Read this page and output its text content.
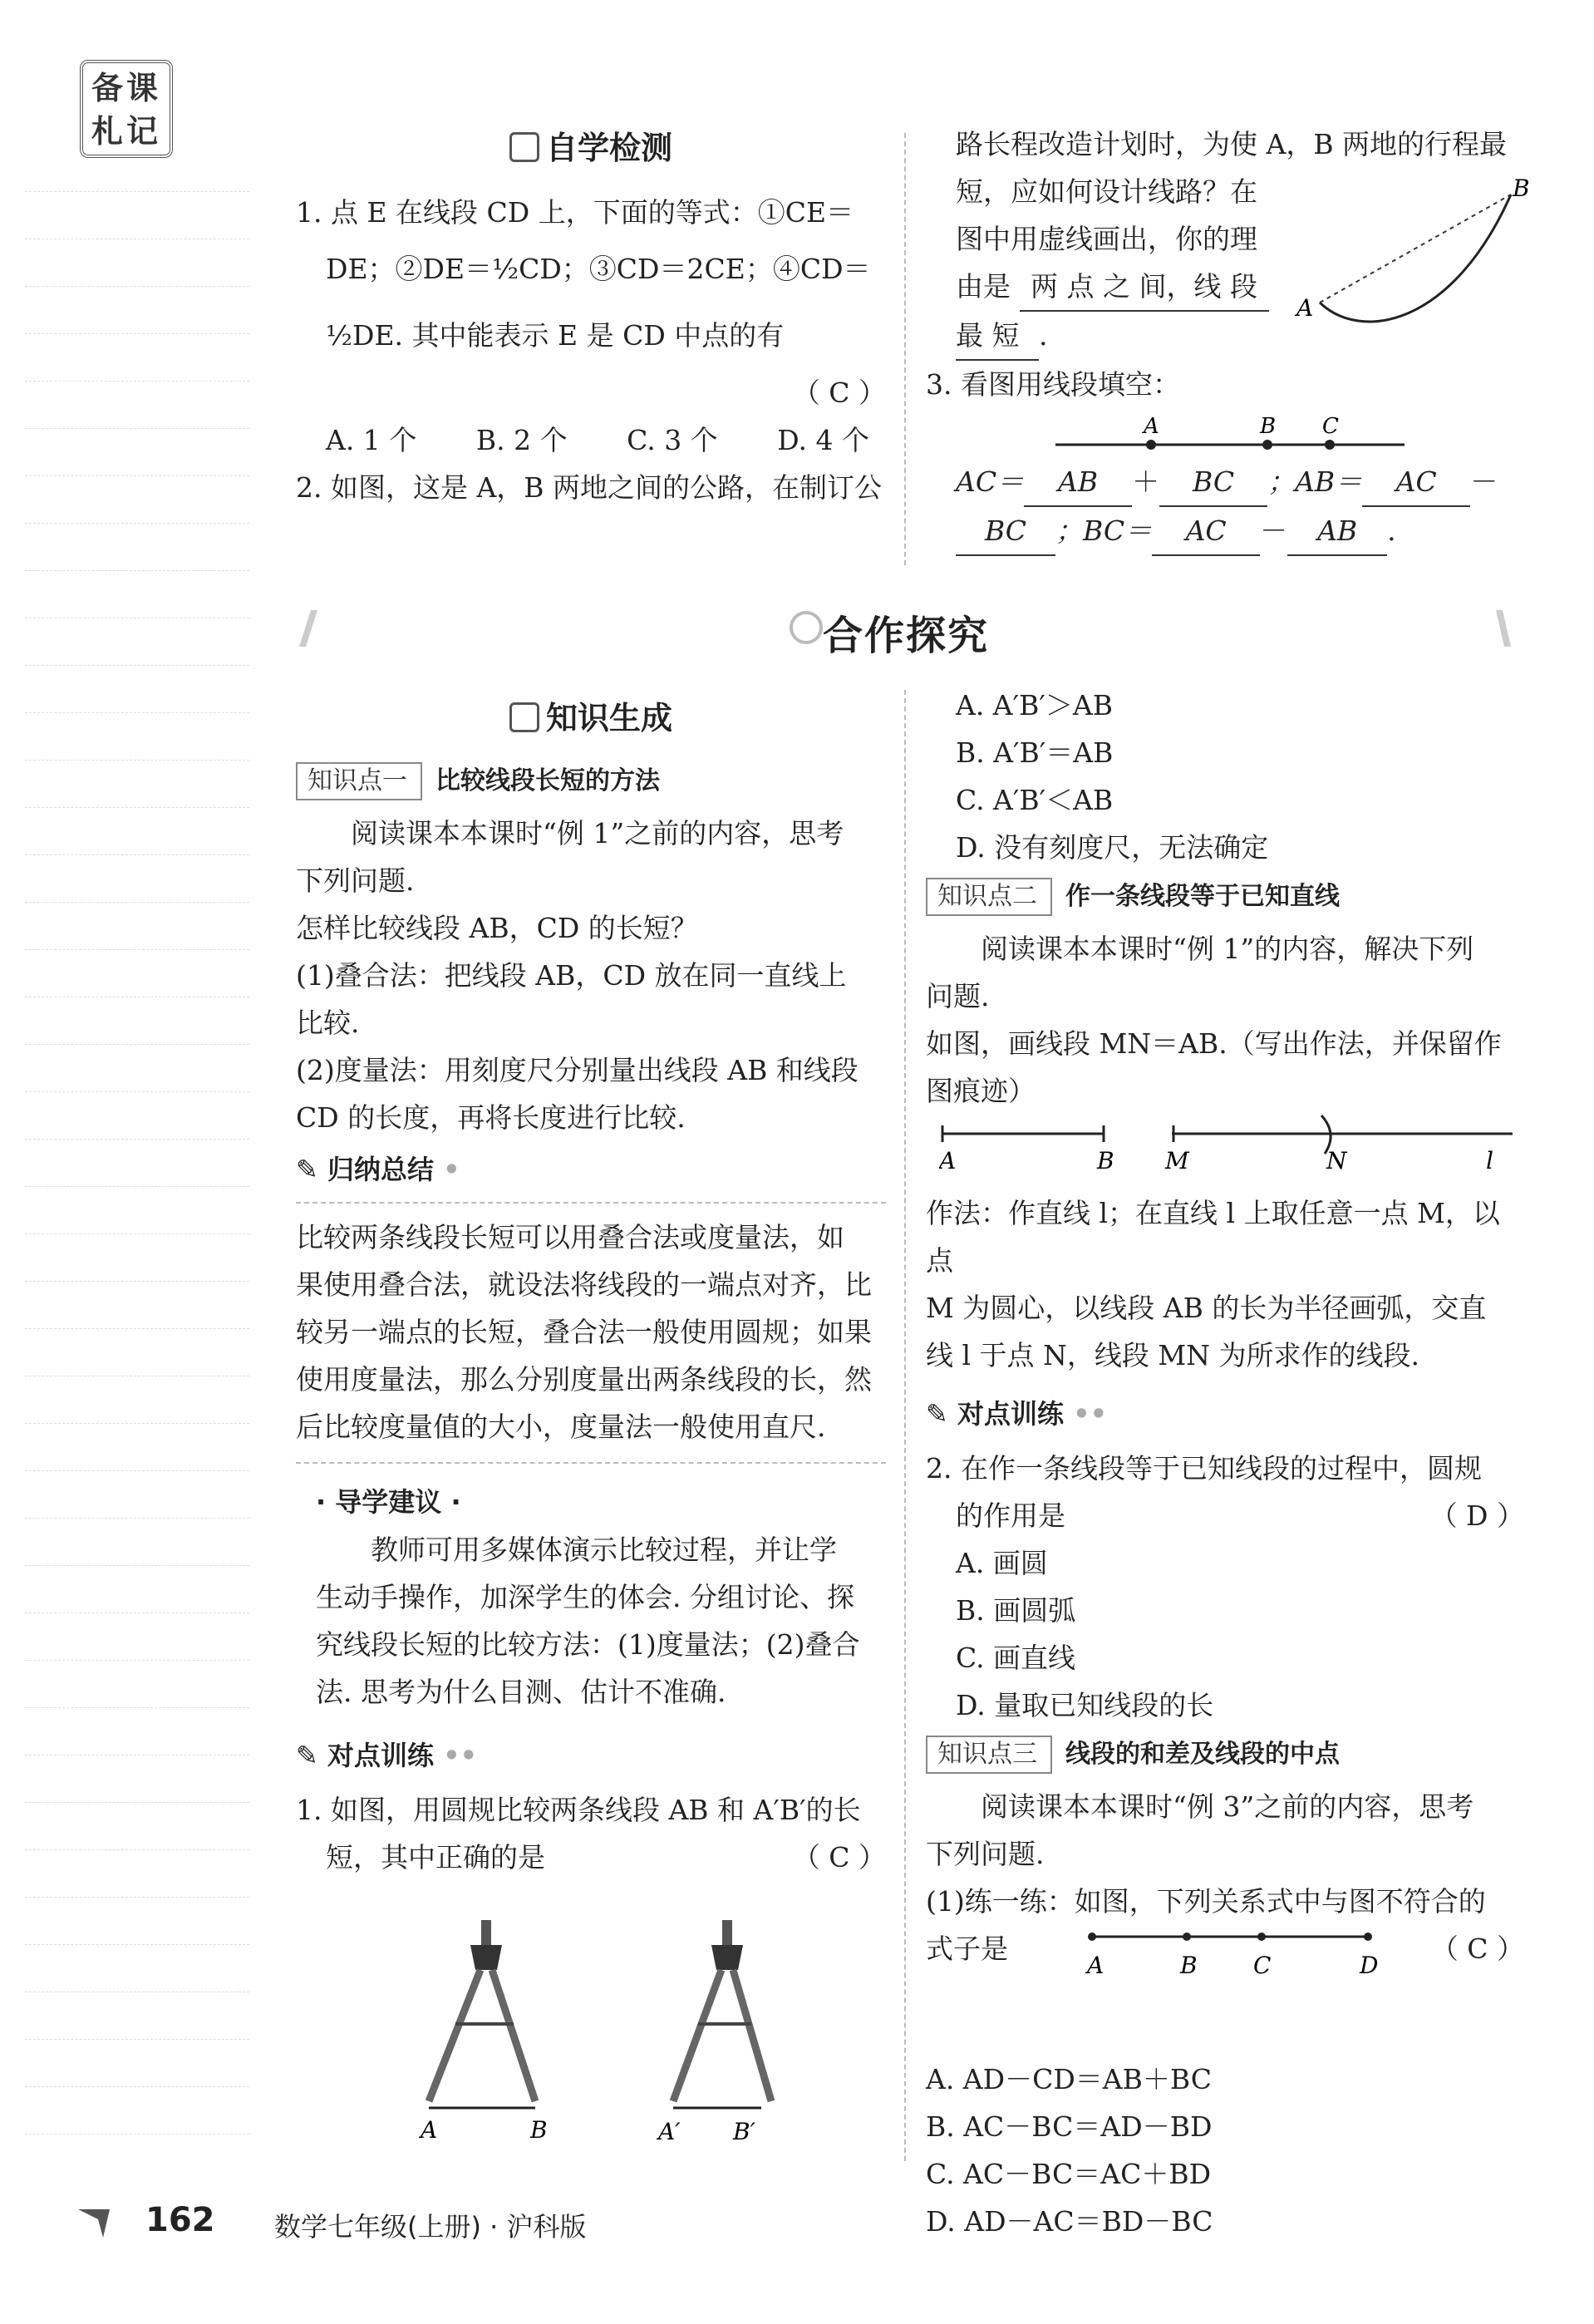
备课
札记	自学检测

1. 点 E 在线段 CD 上，下面的等式：①CE＝

DE；②DE＝½CD；③CD＝2CE；④CD＝

½DE. 其中能表示 E 是 CD 中点的有

（ C ）

A. 1 个 B. 2 个 C. 3 个 D. 4 个

2. 如图，这是 A，B 两地之间的公路，在制订公

路长程改造计划时，为使 A，B 两地的行程最

短，应如何设计线路？在

图中用虚线画出，你的理

由是 两 点 之 间，线 段

最 短 .

3. 看图用线段填空：

AC＝ AB ＋ BC ；AB＝ AC －

BC ；BC＝ AC － AB .

A
B
A	B C
合作探究
知识生成
知识点一 比较线段长短的方法

阅读课本本课时“例 1”之前的内容，思考

下列问题.

怎样比较线段 AB，CD 的长短？

(1)叠合法：把线段 AB，CD 放在同一直线上

比较.

(2)度量法：用刻度尺分别量出线段 AB 和线段

CD 的长度，再将长度进行比较.

✎ 归纳总结 •

比较两条线段长短可以用叠合法或度量法，如

果使用叠合法，就设法将线段的一端点对齐，比

较另一端点的长短，叠合法一般使用圆规；如果

使用度量法，那么分别度量出两条线段的长，然

后比较度量值的大小，度量法一般使用直尺.

· 导学建议 ·

教师可用多媒体演示比较过程，并让学

生动手操作，加深学生的体会. 分组讨论、探

究线段长短的比较方法：(1)度量法；(2)叠合

法. 思考为什么目测、估计不准确.

✎ 对点训练 ••

1. 如图，用圆规比较两条线段 AB 和 A′B′的长

（ C ）
短，其中正确的是

A	B	A′ B′

A. A′B′＞AB

B. A′B′＝AB

C. A′B′＜AB

D. 没有刻度尺，无法确定

知识点二 作一条线段等于已知直线

阅读课本本课时“例 1”的内容，解决下列

问题.

如图，画线段 MN＝AB.（写出作法，并保留作

图痕迹）

作法：作直线 l；在直线 l 上取任意一点 M，以点

M 为圆心，以线段 AB 的长为半径画弧，交直

线 l 于点 N，线段 MN 为所求作的线段.

✎ 对点训练 ••

2. 在作一条线段等于已知线段的过程中，圆规

（ D ）
的作用是

A. 画圆

B. 画圆弧

C. 画直线

D. 量取已知线段的长

知识点三 线段的和差及线段的中点

阅读课本本课时“例 3”之前的内容，思考

下列问题.

(1)练一练：如图，下列关系式中与图不符合的

（ C ）
式子是

A. AD－CD＝AB＋BC

B. AC－BC＝AD－BD

C. AC－BC＝AC＋BD

D. AD－AC＝BD－BC

A	B M	N	l
A	B C	D
162 数学七年级(上册) · 沪科版
